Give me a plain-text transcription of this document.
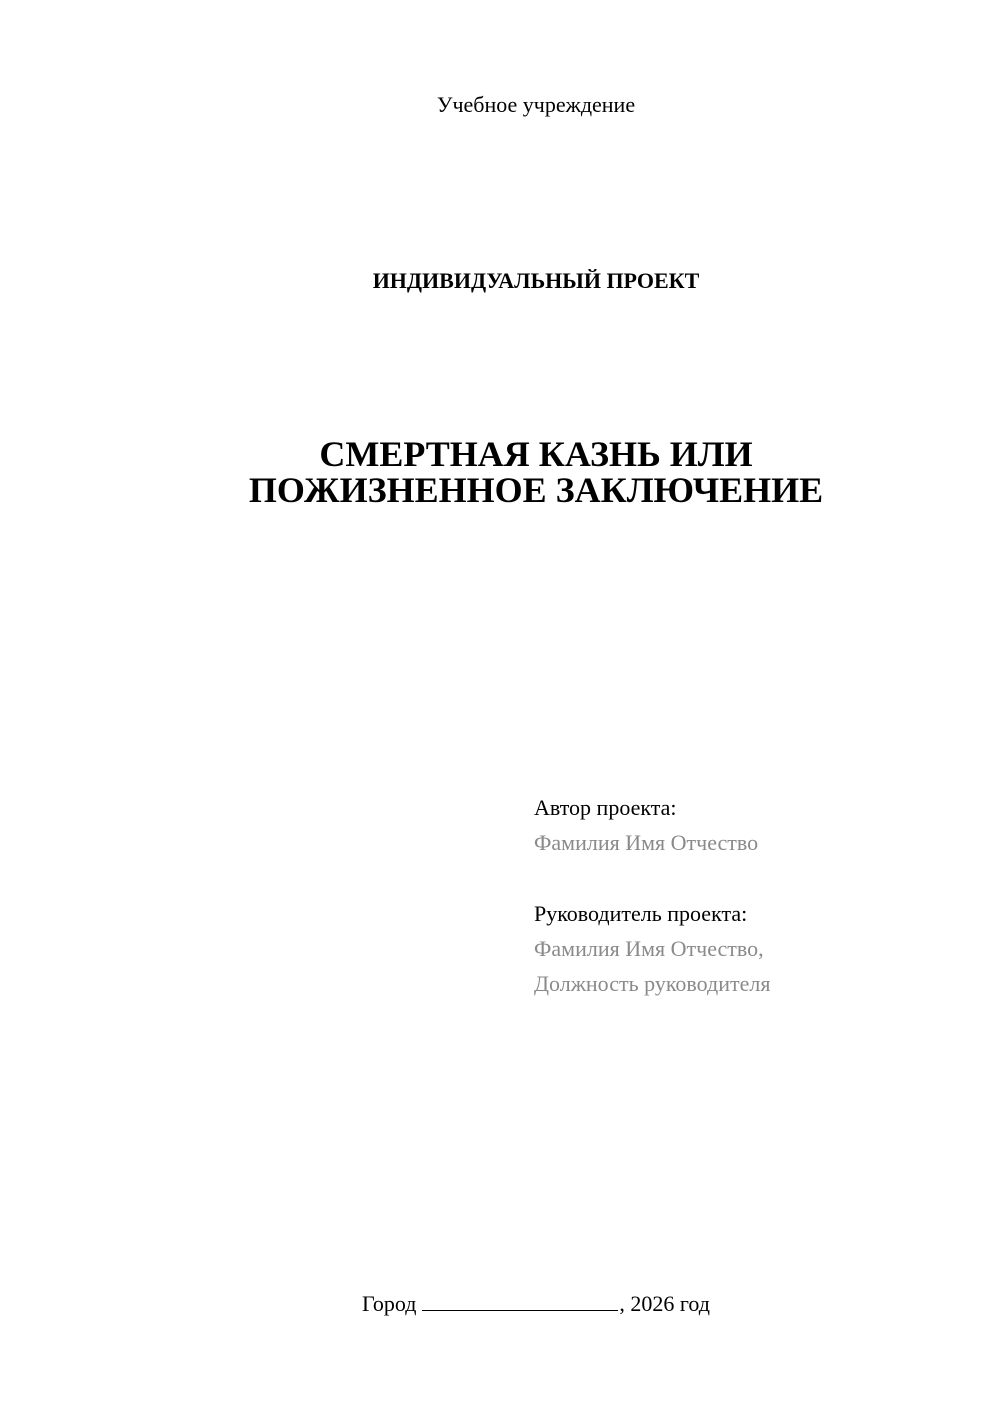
Учебное учреждение
ИНДИВИДУАЛЬНЫЙ ПРОЕКТ
СМЕРТНАЯ КАЗНЬ ИЛИ
ПОЖИЗНЕННОЕ ЗАКЛЮЧЕНИЕ
Автор проекта:
Фамилия Имя Отчество
Руководитель проекта:
Фамилия Имя Отчество,
Должность руководителя
Город	, 2026 год
